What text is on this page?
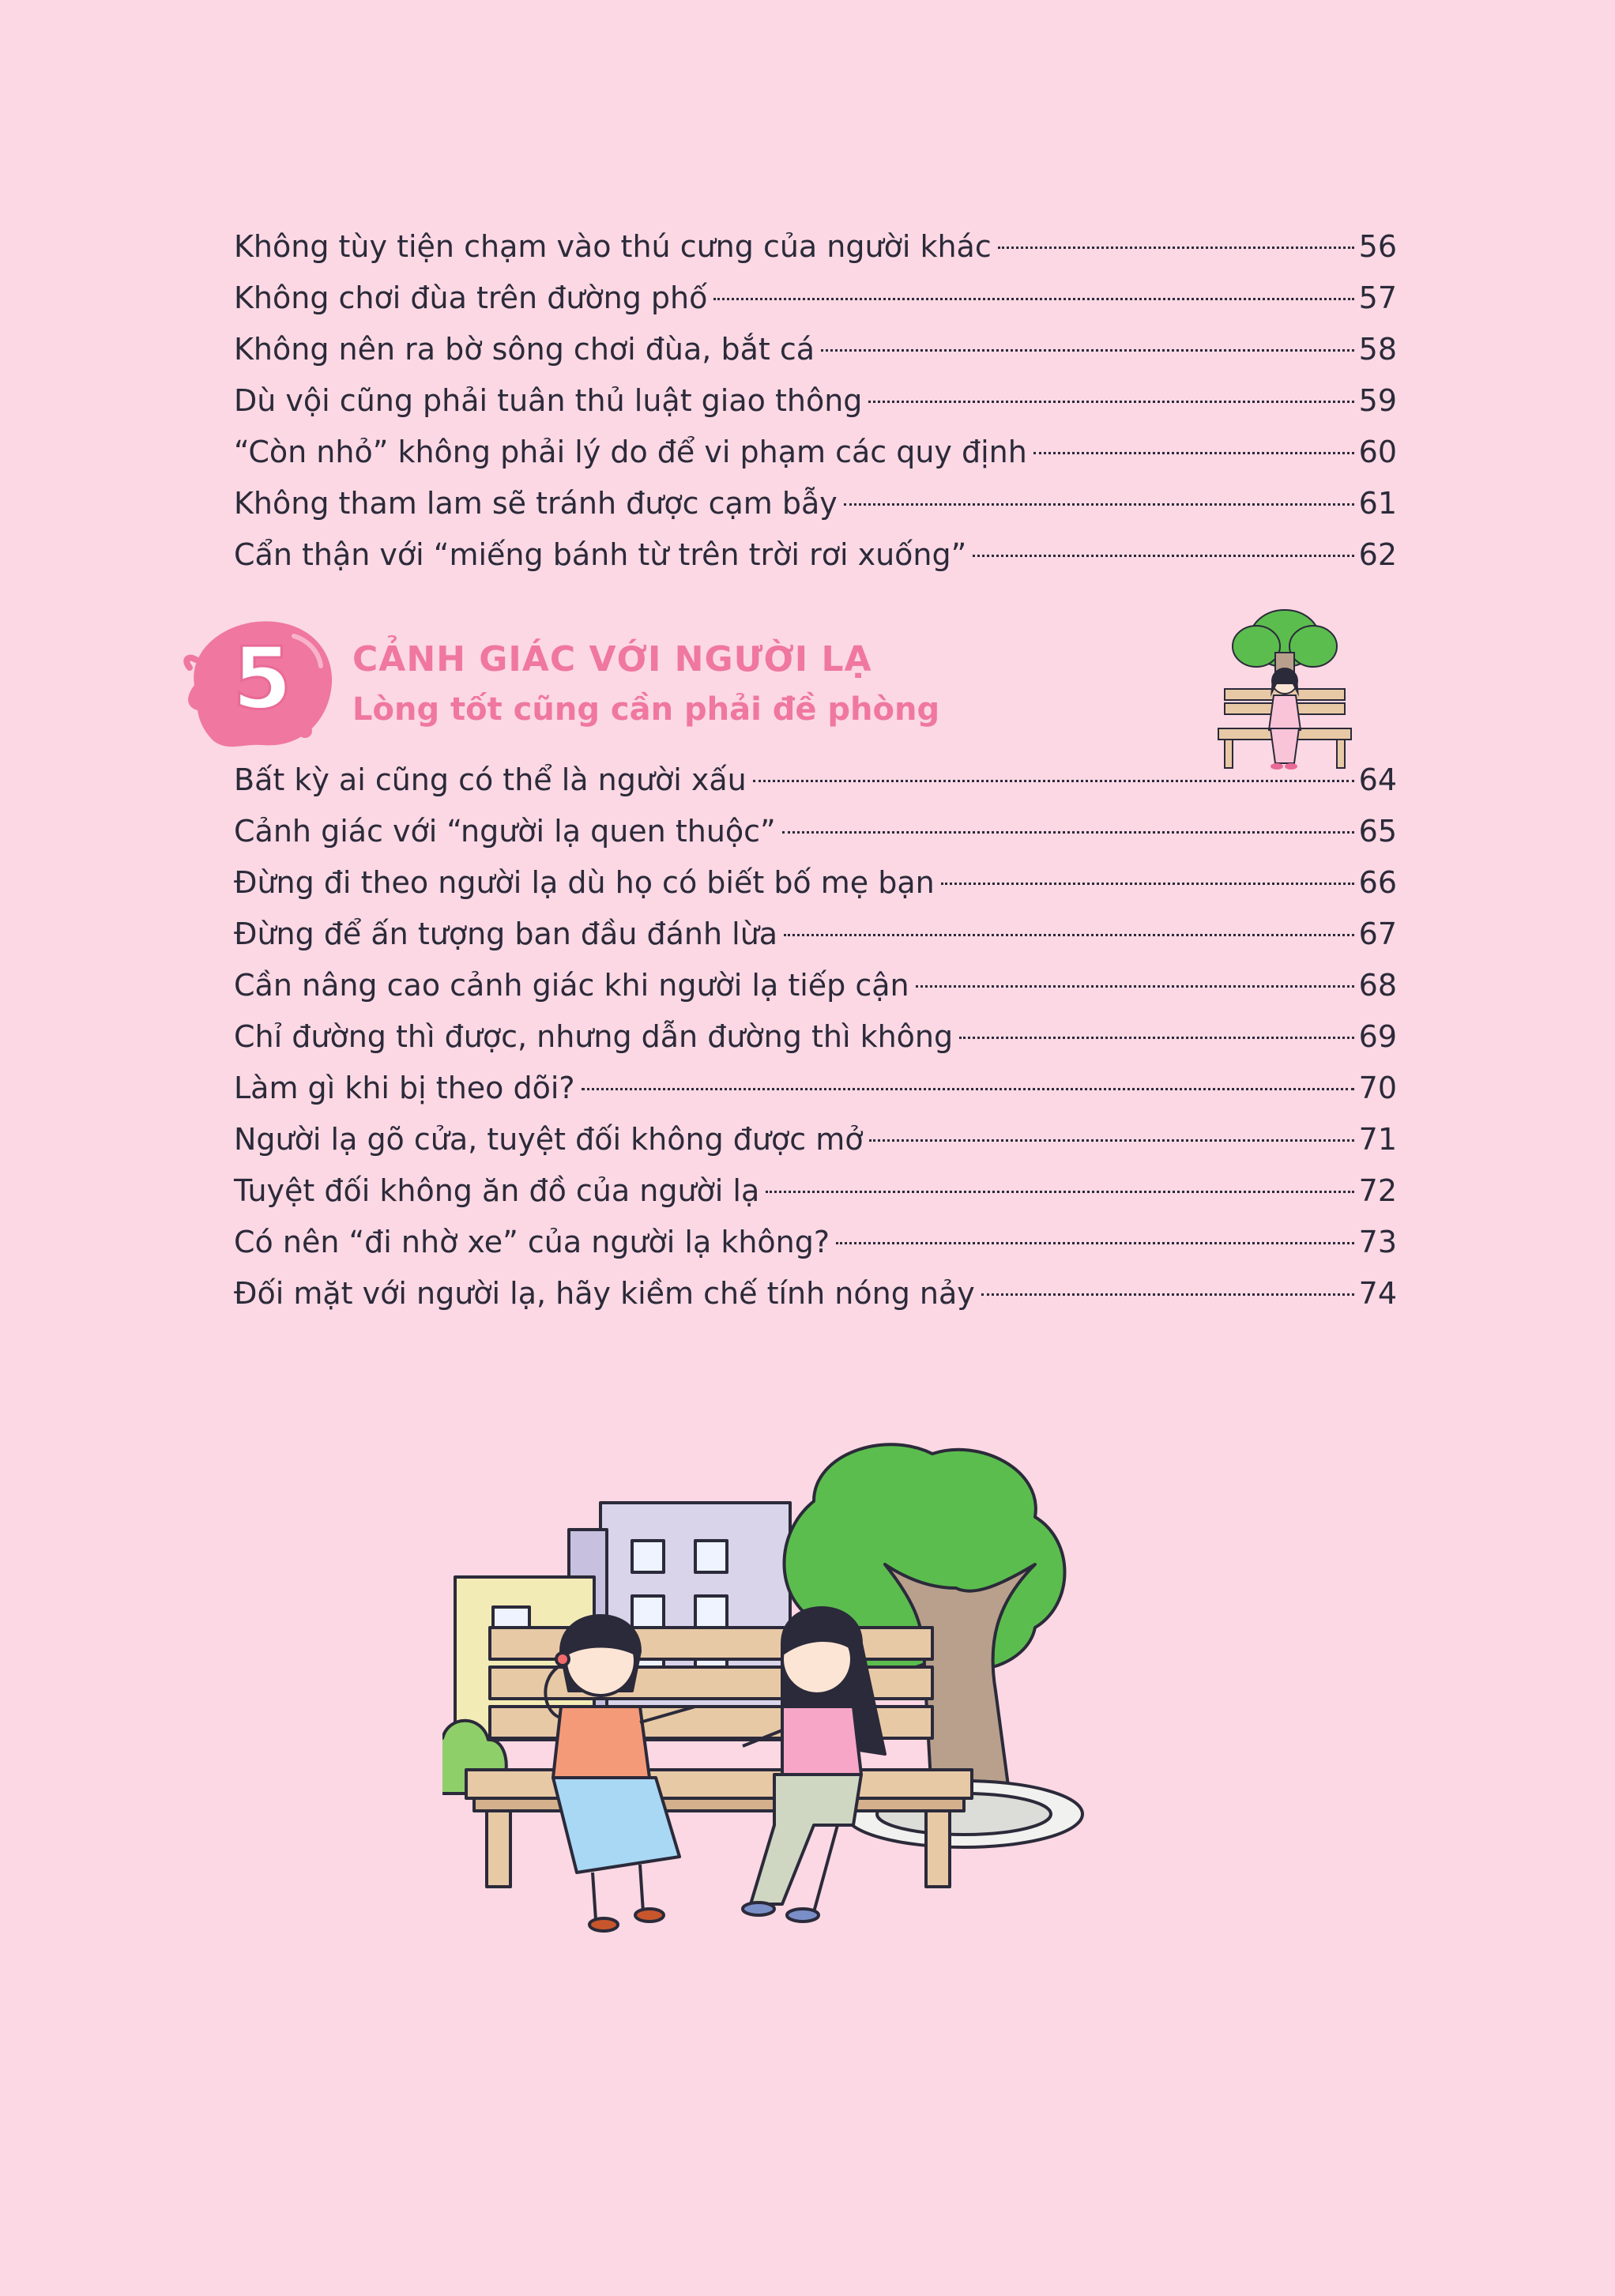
Không tùy tiện chạm vào thú cưng của người khác	56
Không chơi đùa trên đường phố	57
Không nên ra bờ sông chơi đùa, bắt cá	58
Dù vội cũng phải tuân thủ luật giao thông	59
“Còn nhỏ” không phải lý do để vi phạm các quy định	60
Không tham lam sẽ tránh được cạm bẫy	61
Cẩn thận với “miếng bánh từ trên trời rơi xuống”	62
5	CẢNH GIÁC VỚI NGƯỜI LẠ
Lòng tốt cũng cần phải đề phòng
Bất kỳ ai cũng có thể là người xấu	64
Cảnh giác với “người lạ quen thuộc”	65
Đừng đi theo người lạ dù họ có biết bố mẹ bạn	66
Đừng để ấn tượng ban đầu đánh lừa	67
Cần nâng cao cảnh giác khi người lạ tiếp cận	68
Chỉ đường thì được, nhưng dẫn đường thì không	69
Làm gì khi bị theo dõi?	70
Người lạ gõ cửa, tuyệt đối không được mở	71
Tuyệt đối không ăn đồ của người lạ	72
Có nên “đi nhờ xe” của người lạ không?	73
Đối mặt với người lạ, hãy kiềm chế tính nóng nảy	74
